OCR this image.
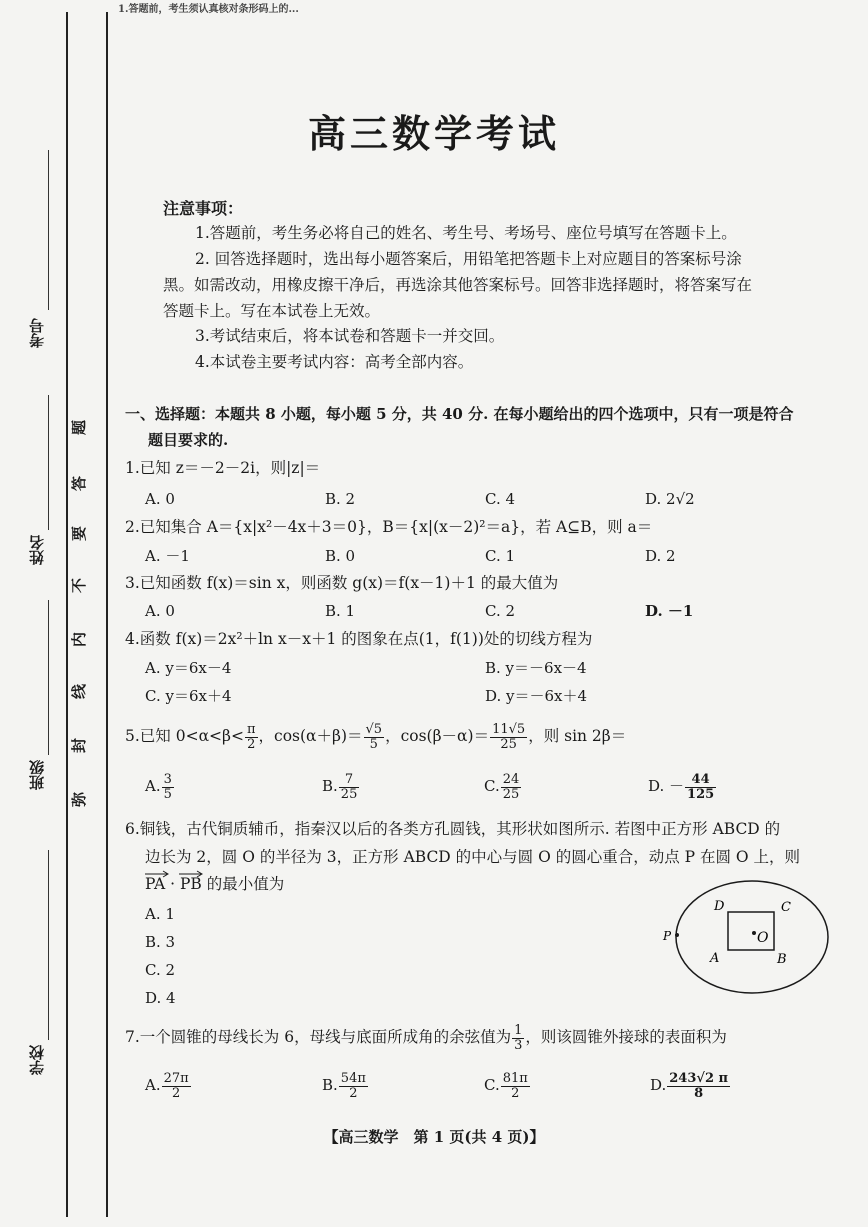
1.答题前，考生须认真核对条形码上的...
考号
姓名
班级
学校
题
答
要
不
内
线
封
弥
高三数学考试
注意事项：
1.答题前，考生务必将自己的姓名、考生号、考场号、座位号填写在答题卡上。
2. 回答选择题时，选出每小题答案后，用铅笔把答题卡上对应题目的答案标号涂
黑。如需改动，用橡皮擦干净后，再选涂其他答案标号。回答非选择题时，将答案写在
答题卡上。写在本试卷上无效。
3.考试结束后，将本试卷和答题卡一并交回。
4.本试卷主要考试内容：高考全部内容。
一、选择题：本题共 8 小题，每小题 5 分，共 40 分. 在每小题给出的四个选项中，只有一项是符合
题目要求的.
1.已知 z＝－2－2i，则|z|＝
A. 0	B. 2	C. 4	D. 2√2
2.已知集合 A＝{x|x²－4x＋3＝0}，B＝{x|(x－2)²＝a}，若 A⊆B，则 a＝
A. －1	B. 0	C. 1	D. 2
3.已知函数 f(x)＝sin x，则函数 g(x)＝f(x－1)＋1 的最大值为
A. 0	B. 1	C. 2	D. －1
4.函数 f(x)＝2x²＋ln x－x＋1 的图象在点(1，f(1))处的切线方程为
A. y＝6x－4	B. y＝－6x－4
C. y＝6x＋4	D. y＝－6x＋4
5.已知 $0<\alpha<\beta< \frac{\pi}{2}$ ，$\cos(\alpha+\beta)= \frac{√5}{5}$ ，$\cos(\beta-\alpha)= \frac{11√5}{25}$ ，则 sin 2β＝
A. $\frac{3}{5}$	B. $\frac{7}{25}$	C. $\frac{24}{25}$	D. － $\frac{44}{125}$
6.铜钱，古代铜质辅币，指秦汉以后的各类方孔圆钱，其形状如图所示. 若图中正方形 ABCD 的
边长为 2，圆 O 的半径为 3，正方形 ABCD 的中心与圆 O 的圆心重合，动点 P 在圆 O 上，则
PA · PB 的最小值为
A. 1
B. 3
C. 2
D. 4
D	C
A	B
O
P
7.一个圆锥的母线长为 6，母线与底面所成角的余弦值为 $\frac{1}{3}$ ，则该圆锥外接球的表面积为
A. $\frac{27\pi}{2}$	B. $\frac{54\pi}{2}$	C. $\frac{81\pi}{2}$	D. $\frac{243√2 \pi}{8}$
【高三数学　第 1 页(共 4 页)】
